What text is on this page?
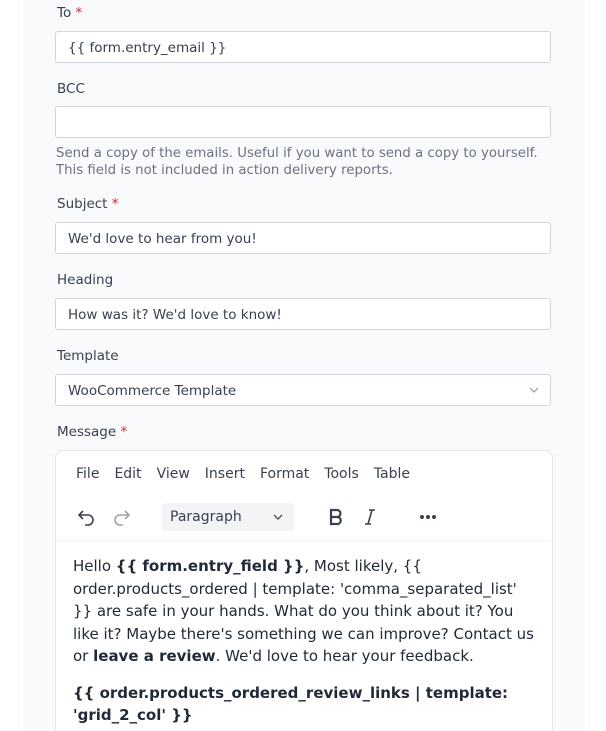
To *
{{ form.entry_email }}
BCC
Send a copy of the emails. Useful if you want to send a copy to yourself. This field is not included in action delivery reports.
Subject *
We'd love to hear from you!
Heading
How was it? We'd love to know!
Template
WooCommerce Template
Message *
File Edit View Insert Format Tools Table
Paragraph

Hello {{ form.entry_field }}, Most likely, {{ order.products_ordered | template: 'comma_separated_list' }} are safe in your hands. What do you think about it? You like it? Maybe there's something we can improve? Contact us or leave a review. We'd love to hear your feedback.

{{ order.products_ordered_review_links | template: 'grid_2_col' }}
